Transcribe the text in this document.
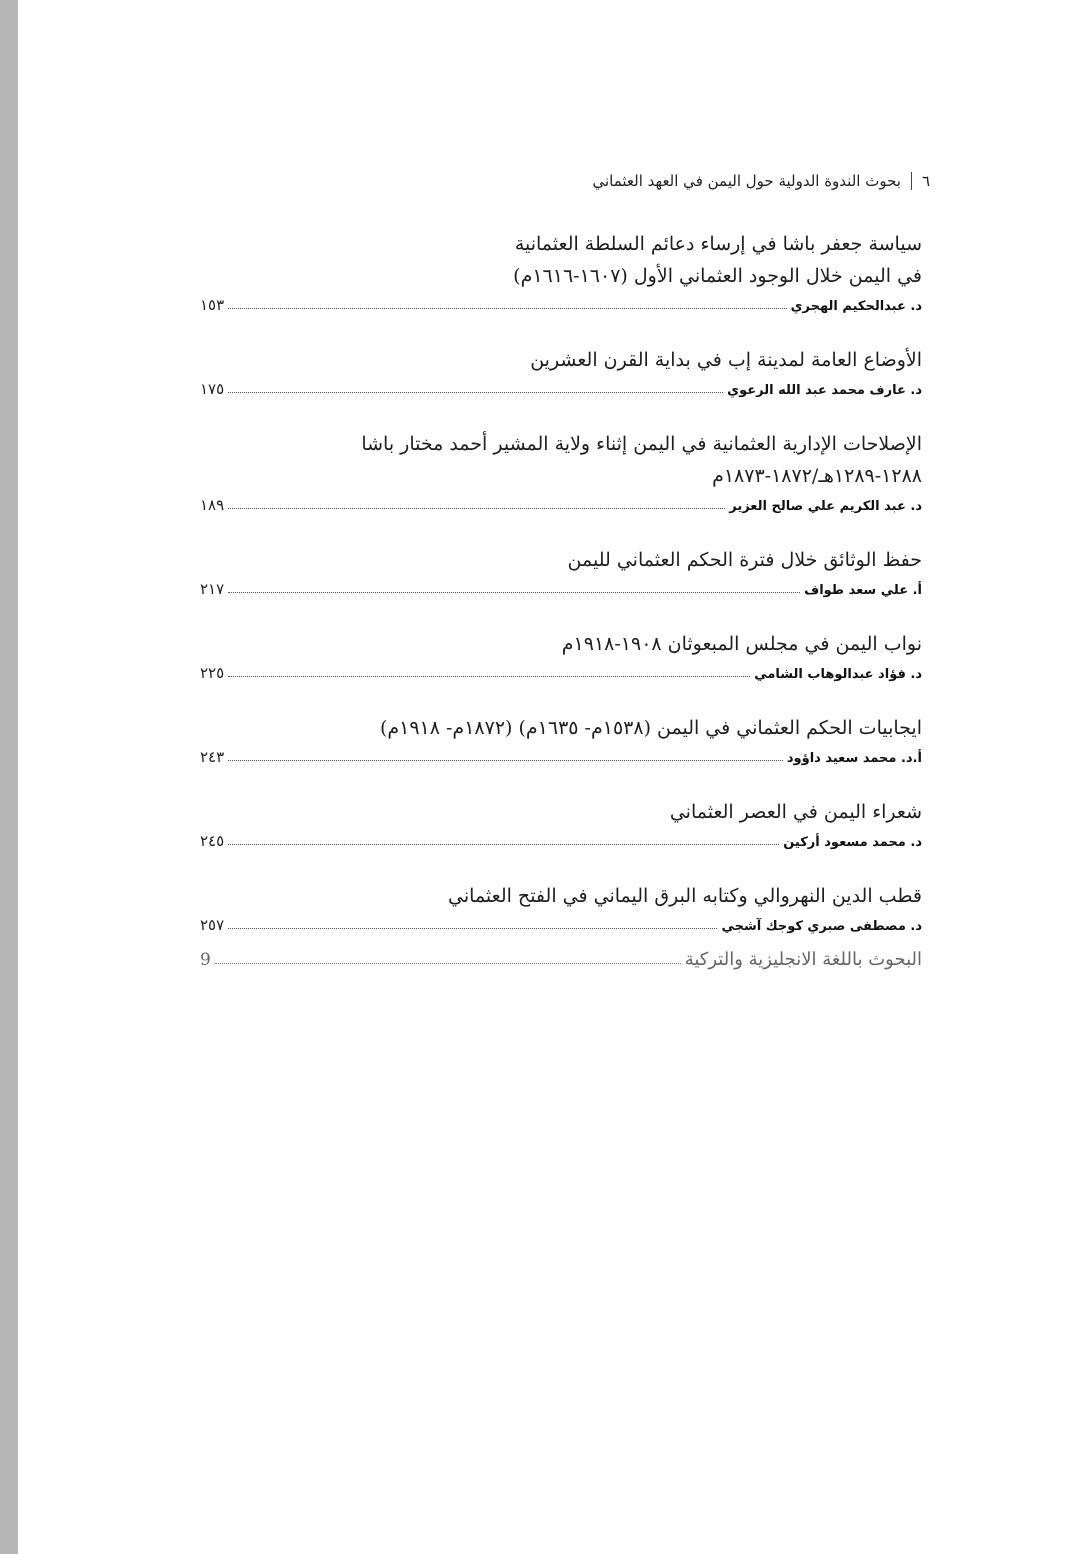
٦
بحوث الندوة الدولية حول اليمن في العهد العثماني
سياسة جعفر باشا في إرساء دعائم السلطة العثمانية
في اليمن خلال الوجود العثماني الأول (١٦٠٧-١٦١٦م)
د. عبدالحكيم الهجري
١٥٣
الأوضاع العامة لمدينة إب في بداية القرن العشرين
د. عارف محمد عبد الله الرعوي
١٧٥
الإصلاحات الإدارية العثمانية في اليمن إثناء ولاية المشير أحمد مختار باشا
١٢٨٨-١٢٨٩هـ/١٨٧٢-١٨٧٣م
د. عبد الكريم علي صالح العزير
١٨٩
حفظ الوثائق خلال فترة الحكم العثماني لليمن
أ. علي سعد طواف
٢١٧
نواب اليمن في مجلس المبعوثان ١٩٠٨-١٩١٨م
د. فؤاد عبدالوهاب الشامي
٢٢٥
ايجابيات الحكم العثماني في اليمن (١٥٣٨م- ١٦٣٥م) (١٨٧٢م- ١٩١٨م)
أ.د. محمد سعيد داؤود
٢٤٣
شعراء اليمن في العصر العثماني
د. محمد مسعود أركين
٢٤٥
قطب الدين النهروالي وكتابه البرق اليماني في الفتح العثماني
د. مصطفى صبري كوجك آشجي
٢٥٧
البحوث باللغة الانجليزية والتركية
9
